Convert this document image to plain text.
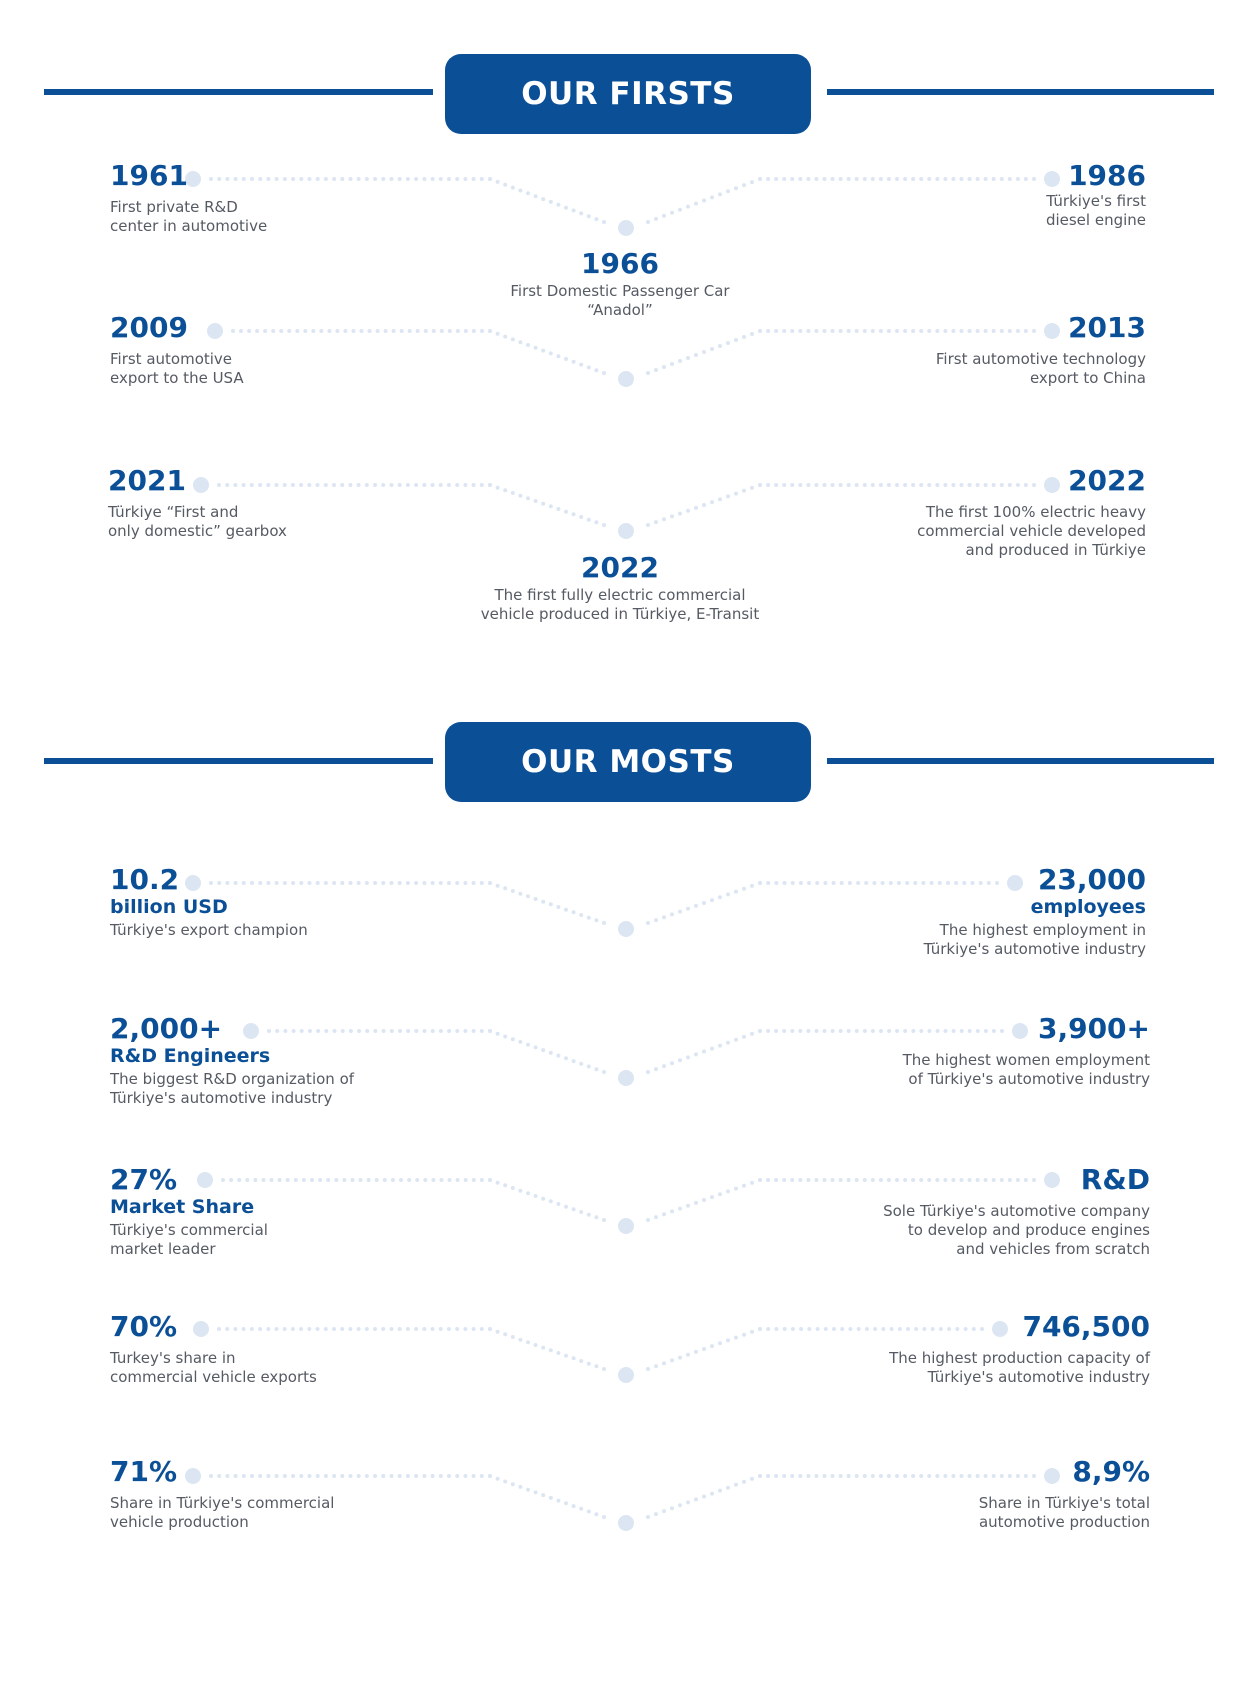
OUR FIRSTS
1961
First private R&D
center in automotive
1986
Türkiye's first
diesel engine
1966
First Domestic Passenger Car
“Anadol”
2009
First automotive
export to the USA
2013
First automotive technology
export to China
2021
Türkiye “First and
only domestic” gearbox
2022
The first 100% electric heavy
commercial vehicle developed
and produced in Türkiye
2022
The first fully electric commercial
vehicle produced in Türkiye, E-Transit
OUR MOSTS
10.2
billion USD
Türkiye's export champion
23,000
employees
The highest employment in
Türkiye's automotive industry
2,000+
R&D Engineers
The biggest R&D organization of
Türkiye's automotive industry
3,900+
The highest women employment
of Türkiye's automotive industry
27%
Market Share
Türkiye's commercial
market leader
R&D
Sole Türkiye's automotive company
to develop and produce engines
and vehicles from scratch
70%
Turkey's share in
commercial vehicle exports
746,500
The highest production capacity of
Türkiye's automotive industry
71%
Share in Türkiye's commercial
vehicle production
8,9%
Share in Türkiye's total
automotive production
